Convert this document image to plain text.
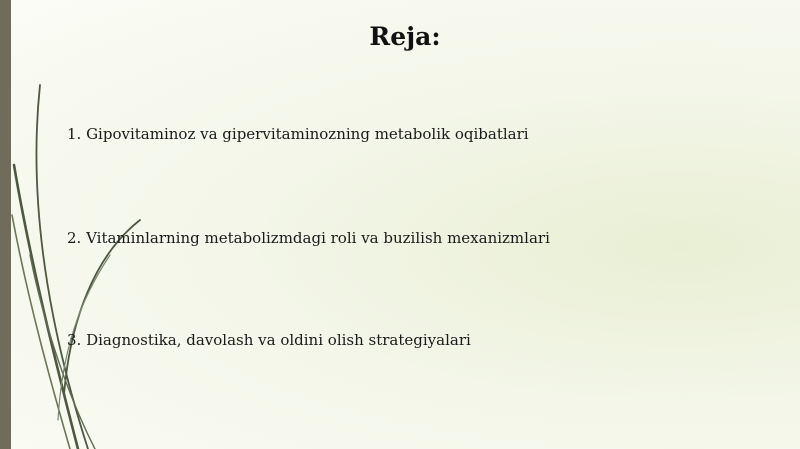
Reja:
1. Gipovitaminoz va gipervitaminozning metabolik oqibatlari
2. Vitaminlarning metabolizmdagi roli va buzilish mexanizmlari
3. Diagnostika, davolash va oldini olish strategiyalari
